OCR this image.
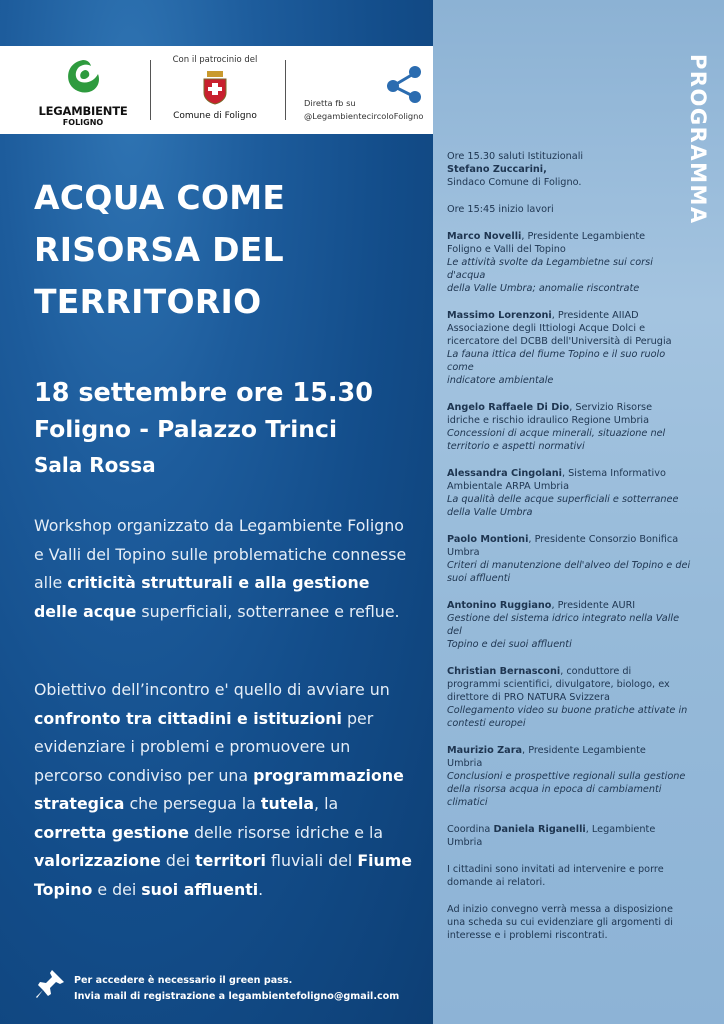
LEGAMBIENTE
FOLIGNO
Con il patrocinio del
Comune di Foligno
Diretta fb su
@LegambientecircoloFoligno
ACQUA COME
RISORSA DEL
TERRITORIO
18 settembre ore 15.30
Foligno - Palazzo Trinci
Sala Rossa
Workshop organizzato da Legambiente Foligno e Valli del Topino sulle problematiche connesse alle criticità strutturali e alla gestione delle acque superficiali, sotterranee e reflue.
Obiettivo dell’incontro e' quello di avviare un confronto tra cittadini e istituzioni per evidenziare i problemi e promuovere un percorso condiviso per una programmazione strategica che persegua la tutela, la corretta gestione delle risorse idriche e la valorizzazione dei territori fluviali del Fiume Topino e dei suoi affluenti.
Per accedere è necessario il green pass.
Invia mail di registrazione a legambientefoligno@gmail.com
PROGRAMMA
Ore 15.30 saluti Istituzionali
Stefano Zuccarini,
Sindaco Comune di Foligno.
Ore 15:45 inizio lavori
Marco Novelli, Presidente Legambiente
Foligno e Valli del Topino
Le attività svolte da Legambietne sui corsi d'acqua
della Valle Umbra; anomalie riscontrate
Massimo Lorenzoni, Presidente AIIAD
Associazione degli Ittiologi Acque Dolci e
ricercatore del DCBB dell'Università di Perugia
La fauna ittica del fiume Topino e il suo ruolo come
indicatore ambientale
Angelo Raffaele Di Dio, Servizio Risorse
idriche e rischio idraulico Regione Umbria
Concessioni di acque minerali, situazione nel
territorio e aspetti normativi
Alessandra Cingolani, Sistema Informativo
Ambientale ARPA Umbria
La qualità delle acque superficiali e sotterranee
della Valle Umbra
Paolo Montioni, Presidente Consorzio Bonifica
Umbra
Criteri di manutenzione dell'alveo del Topino e dei
suoi affluenti
Antonino Ruggiano, Presidente AURI
Gestione del sistema idrico integrato nella Valle del
Topino e dei suoi affluenti
Christian Bernasconi, conduttore di
programmi scientifici, divulgatore, biologo, ex
direttore di PRO NATURA Svizzera
Collegamento video su buone pratiche attivate in
contesti europei
Maurizio Zara, Presidente Legambiente
Umbria
Conclusioni e prospettive regionali sulla gestione
della risorsa acqua in epoca di cambiamenti
climatici
Coordina Daniela Riganelli, Legambiente
Umbria
I cittadini sono invitati ad intervenire e porre
domande ai relatori.
Ad inizio convegno verrà messa a disposizione
una scheda su cui evidenziare gli argomenti di
interesse e i problemi riscontrati.
